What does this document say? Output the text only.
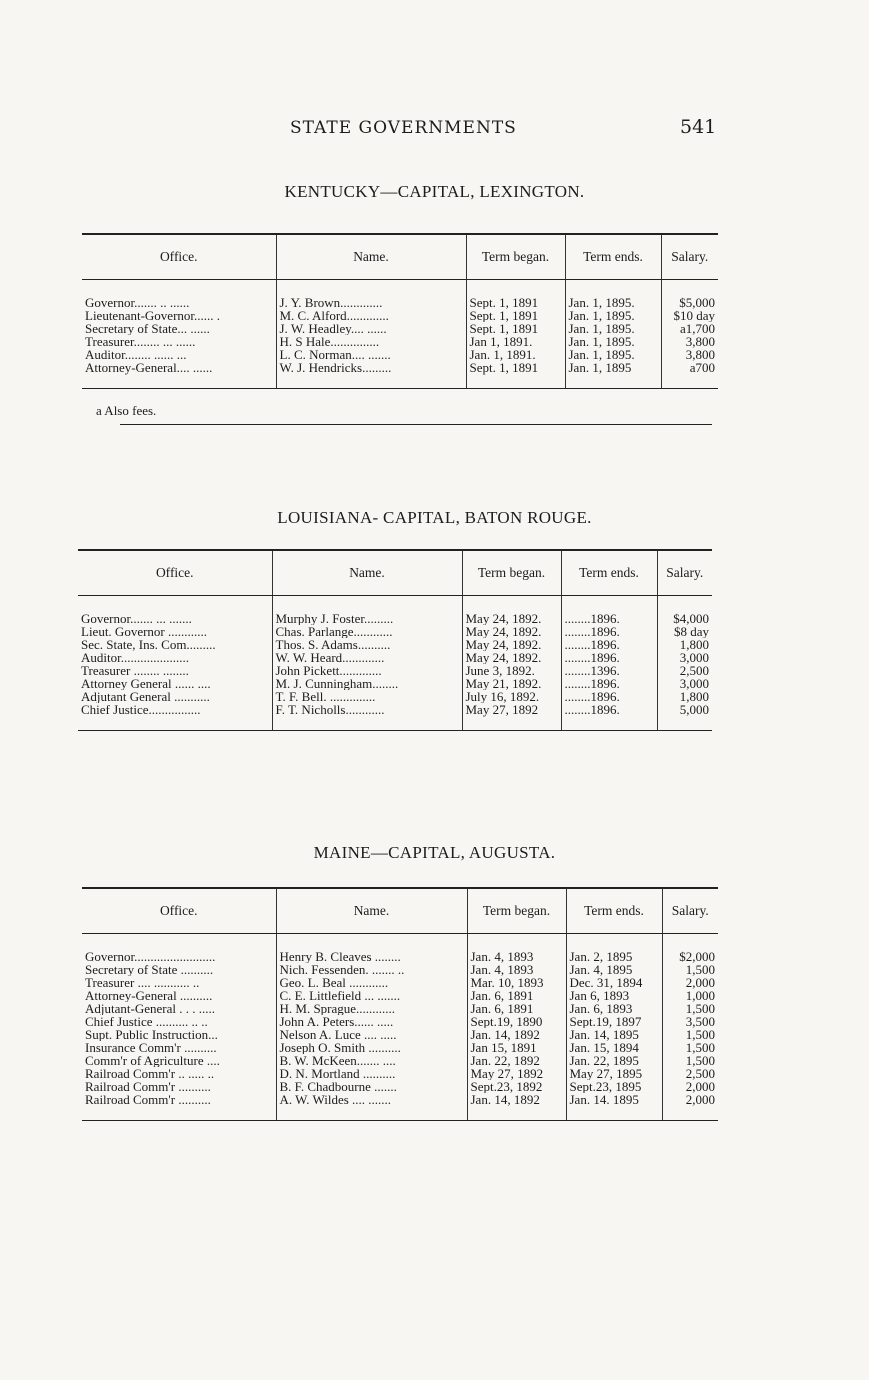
STATE GOVERNMENTS	541
KENTUCKY—CAPITAL, LEXINGTON.
Office.	Name.	Term began.	Term ends.	Salary.
Governor....... .. ......	J. Y. Brown.............	Sept. 1, 1891	Jan. 1, 1895.	$5,000
Lieutenant-Governor...... .	M. C. Alford.............	Sept. 1, 1891	Jan. 1, 1895.	$10 day
Secretary of State... ......	J. W. Headley.... ......	Sept. 1, 1891	Jan. 1, 1895.	a1,700
Treasurer........ ... ......	H. S Hale...............	Jan 1, 1891.	Jan. 1, 1895.	3,800
Auditor........ ...... ...	L. C. Norman.... .......	Jan. 1, 1891.	Jan. 1, 1895.	3,800
Attorney-General.... ......	W. J. Hendricks.........	Sept. 1, 1891	Jan. 1, 1895	a700
a Also fees.
LOUISIANA- CAPITAL, BATON ROUGE.
Office.	Name.	Term began.	Term ends.	Salary.
Governor....... ... .......	Murphy J. Foster.........	May 24, 1892.	........1896.	$4,000
Lieut. Governor ............	Chas. Parlange............	May 24, 1892.	........1896.	$8 day
Sec. State, Ins. Com.........	Thos. S. Adams..........	May 24, 1892.	........1896.	1,800
Auditor.....................	W. W. Heard.............	May 24, 1892.	........1896.	3,000
Treasurer ........ ........	John Pickett.............	June 3, 1892.	........1396.	2,500
Attorney General ...... ....	M. J. Cunningham........	May 21, 1892.	........1896.	3,000
Adjutant General ...........	T. F. Bell. ..............	July 16, 1892.	........1896.	1,800
Chief Justice................	F. T. Nicholls............	May 27, 1892	........1896.	5,000
MAINE—CAPITAL, AUGUSTA.
Office.	Name.	Term began.	Term ends.	Salary.
Governor.........................	Henry B. Cleaves ........	Jan. 4, 1893	Jan. 2, 1895	$2,000
Secretary of State ..........	Nich. Fessenden. ....... ..	Jan. 4, 1893	Jan. 4, 1895	1,500
Treasurer .... ........... ..	Geo. L. Beal ............	Mar. 10, 1893	Dec. 31, 1894	2,000
Attorney-General ..........	C. E. Littlefield ... .......	Jan. 6, 1891	Jan 6, 1893	1,000
Adjutant-General . . . .....	H. M. Sprague............	Jan. 6, 1891	Jan. 6, 1893	1,500
Chief Justice .......... .. ..	John A. Peters...... .....	Sept.19, 1890	Sept.19, 1897	3,500
Supt. Public Instruction...	Nelson A. Luce .... .....	Jan. 14, 1892	Jan. 14, 1895	1,500
Insurance Comm'r ..........	Joseph O. Smith ..........	Jan 15, 1891	Jan. 15, 1894	1,500
Comm'r of Agriculture ....	B. W. McKeen....... ....	Jan. 22, 1892	Jan. 22, 1895	1,500
Railroad Comm'r .. ..... ..	D. N. Mortland ..........	May 27, 1892	May 27, 1895	2,500
Railroad Comm'r ..........	B. F. Chadbourne .......	Sept.23, 1892	Sept.23, 1895	2,000
Railroad Comm'r ..........	A. W. Wildes .... .......	Jan. 14, 1892	Jan. 14. 1895	2,000
